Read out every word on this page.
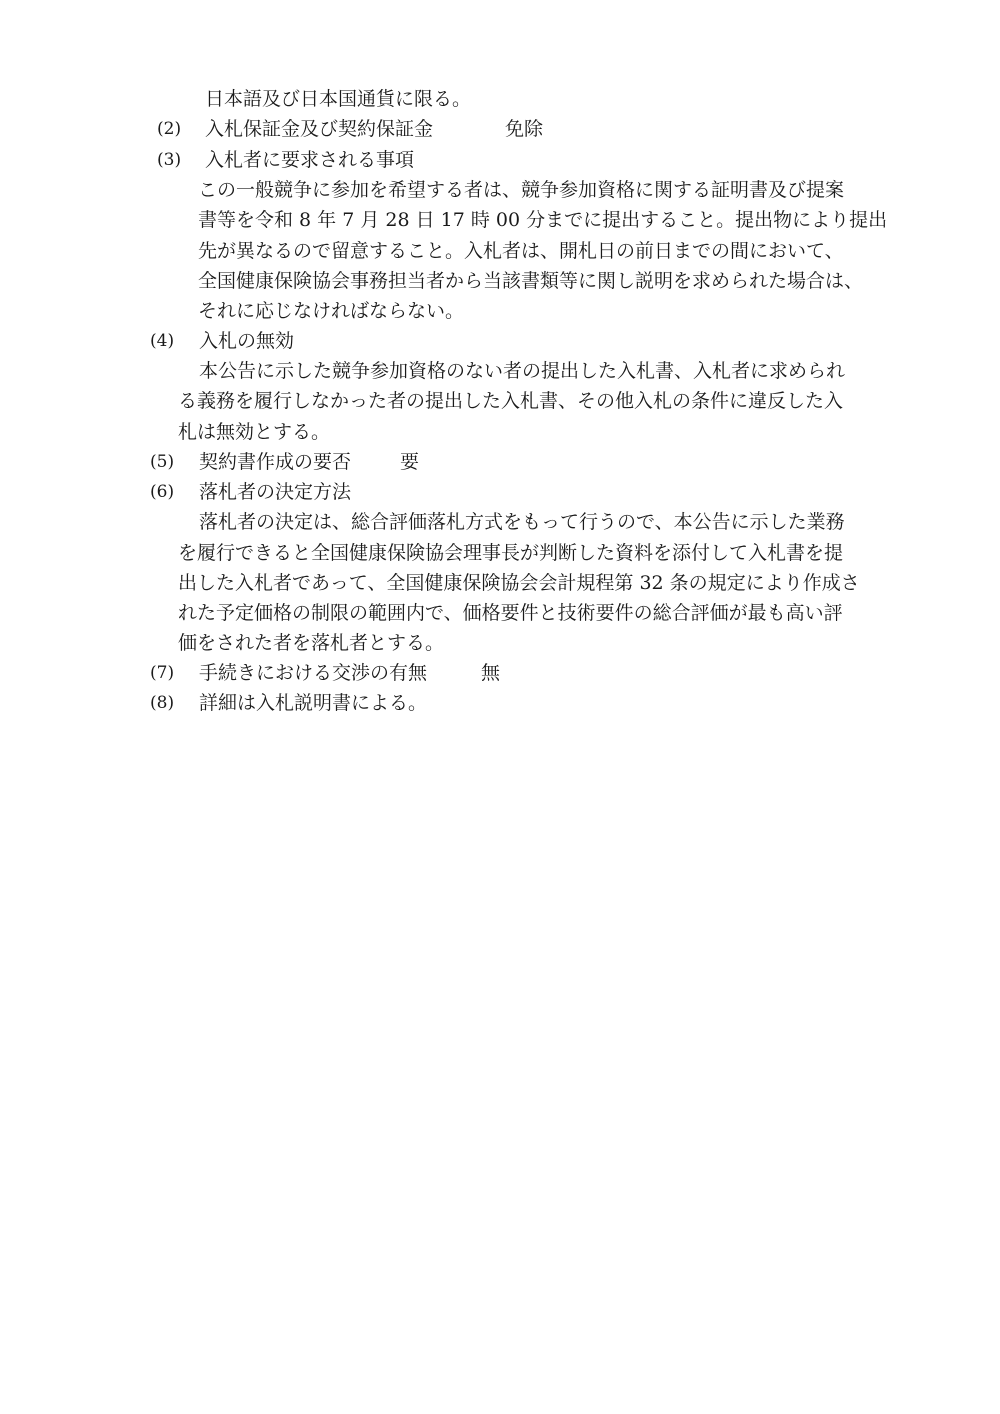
日本語及び日本国通貨に限る。

(2) 入札保証金及び契約保証金	免除

(3) 入札者に要求される事項

この一般競争に参加を希望する者は、競争参加資格に関する証明書及び提案

書等を令和 8 年 7 月 28 日 17 時 00 分までに提出すること。提出物により提出

先が異なるので留意すること。入札者は、開札日の前日までの間において、

全国健康保険協会事務担当者から当該書類等に関し説明を求められた場合は、

それに応じなければならない。

(4) 入札の無効

本公告に示した競争参加資格のない者の提出した入札書、入札者に求められ

る義務を履行しなかった者の提出した入札書、その他入札の条件に違反した入

札は無効とする。

(5) 契約書作成の要否	要

(6) 落札者の決定方法

落札者の決定は、総合評価落札方式をもって行うので、本公告に示した業務

を履行できると全国健康保険協会理事長が判断した資料を添付して入札書を提

出した入札者であって、全国健康保険協会会計規程第 32 条の規定により作成さ

れた予定価格の制限の範囲内で、価格要件と技術要件の総合評価が最も高い評

価をされた者を落札者とする。

(7) 手続きにおける交渉の有無	無

(8) 詳細は入札説明書による。
